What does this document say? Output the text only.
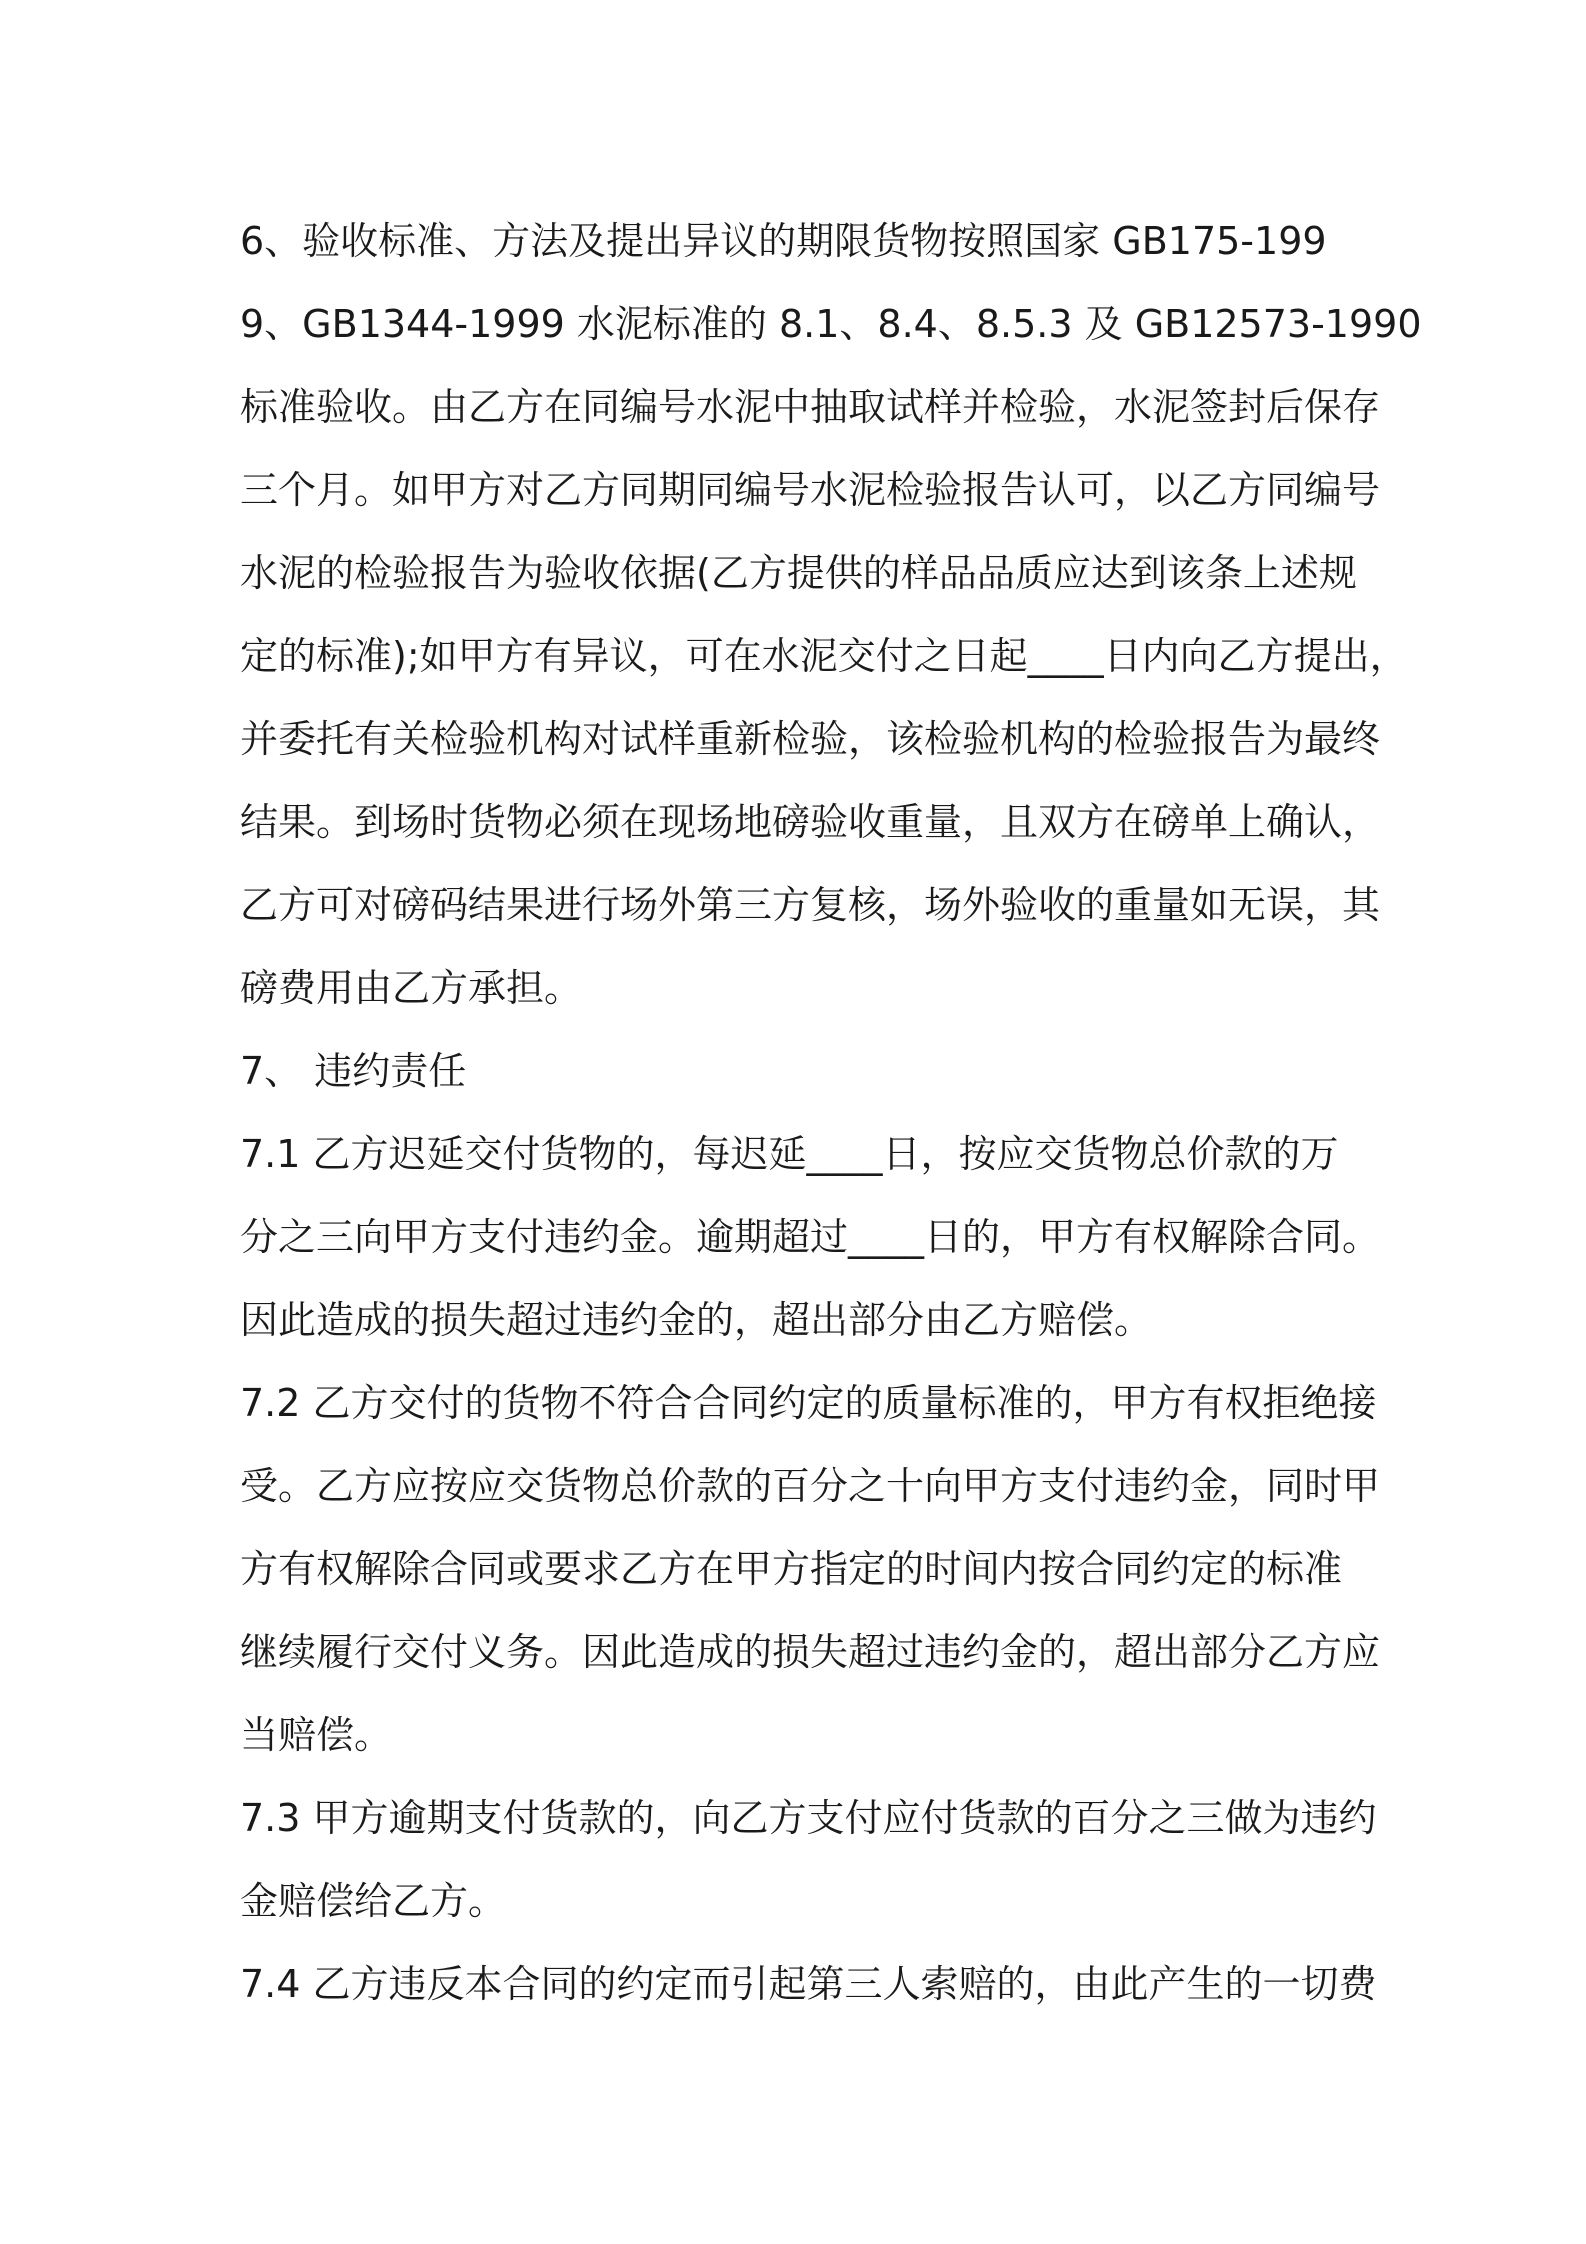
6、验收标准、方法及提出异议的期限货物按照国家 GB175-199
9、GB1344-1999 水泥标准的 8.1、8.4、8.5.3 及 GB12573-1990
标准验收。由乙方在同编号水泥中抽取试样并检验，水泥签封后保存
三个月。如甲方对乙方同期同编号水泥检验报告认可，以乙方同编号
水泥的检验报告为验收依据(乙方提供的样品品质应达到该条上述规
定的标准);如甲方有异议，可在水泥交付之日起____日内向乙方提出，
并委托有关检验机构对试样重新检验，该检验机构的检验报告为最终
结果。到场时货物必须在现场地磅验收重量，且双方在磅单上确认，
乙方可对磅码结果进行场外第三方复核，场外验收的重量如无误，其
磅费用由乙方承担。
7、 违约责任
7.1 乙方迟延交付货物的，每迟延____日，按应交货物总价款的万
分之三向甲方支付违约金。逾期超过____日的，甲方有权解除合同。
因此造成的损失超过违约金的，超出部分由乙方赔偿。
7.2 乙方交付的货物不符合合同约定的质量标准的，甲方有权拒绝接
受。乙方应按应交货物总价款的百分之十向甲方支付违约金，同时甲
方有权解除合同或要求乙方在甲方指定的时间内按合同约定的标准
继续履行交付义务。因此造成的损失超过违约金的，超出部分乙方应
当赔偿。
7.3 甲方逾期支付货款的，向乙方支付应付货款的百分之三做为违约
金赔偿给乙方。
7.4 乙方违反本合同的约定而引起第三人索赔的，由此产生的一切费
